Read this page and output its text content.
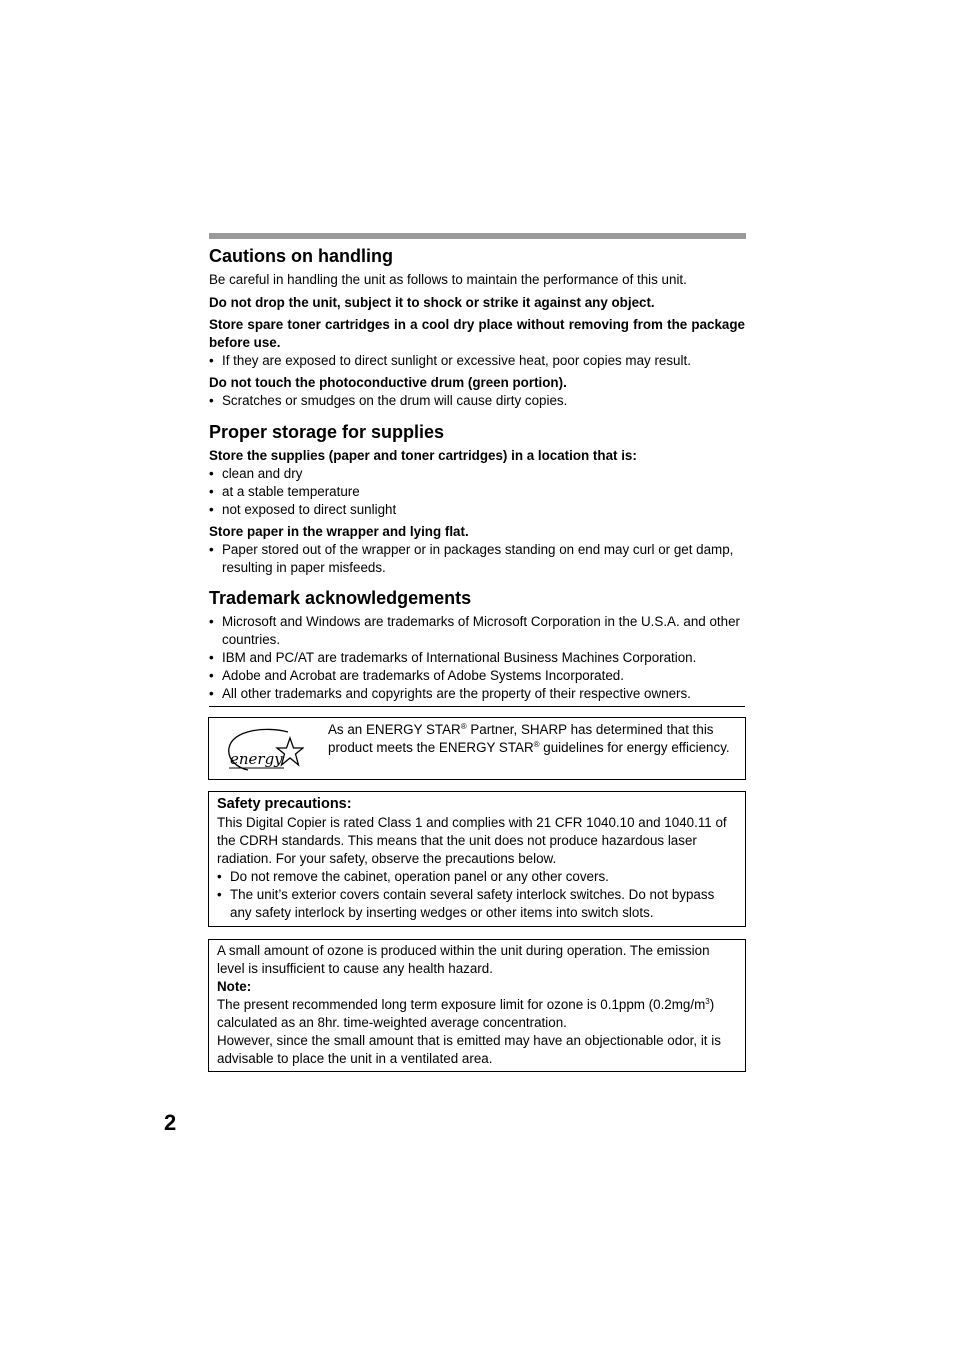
Cautions on handling

Be careful in handling the unit as follows to maintain the performance of this unit.

Do not drop the unit, subject it to shock or strike it against any object.

Store spare toner cartridges in a cool dry place without removing from the package before use.

• If they are exposed to direct sunlight or excessive heat, poor copies may result.

Do not touch the photoconductive drum (green portion).

• Scratches or smudges on the drum will cause dirty copies.
Proper storage for supplies

Store the supplies (paper and toner cartridges) in a location that is:

• clean and dry
• at a stable temperature
• not exposed to direct sunlight

Store paper in the wrapper and lying flat.

• Paper stored out of the wrapper or in packages standing on end may curl or get damp, resulting in paper misfeeds.
Trademark acknowledgements
• Microsoft and Windows are trademarks of Microsoft Corporation in the U.S.A. and other countries.
• IBM and PC/AT are trademarks of International Business Machines Corporation.
• Adobe and Acrobat are trademarks of Adobe Systems Incorporated.
• All other trademarks and copyrights are the property of their respective owners.
energy
As an ENERGY STAR® Partner, SHARP has determined that this product meets the ENERGY STAR® guidelines for energy efficiency.
Safety precautions:

This Digital Copier is rated Class 1 and complies with 21 CFR 1040.10 and 1040.11 of the CDRH standards. This means that the unit does not produce hazardous laser radiation. For your safety, observe the precautions below.

• Do not remove the cabinet, operation panel or any other covers.
• The unit’s exterior covers contain several safety interlock switches. Do not bypass any safety interlock by inserting wedges or other items into switch slots.

A small amount of ozone is produced within the unit during operation. The emission level is insufficient to cause any health hazard.

Note:

The present recommended long term exposure limit for ozone is 0.1ppm $(0.2mg/m^3)$ calculated as an 8hr. time-weighted average concentration.

However, since the small amount that is emitted may have an objectionable odor, it is advisable to place the unit in a ventilated area.

2
